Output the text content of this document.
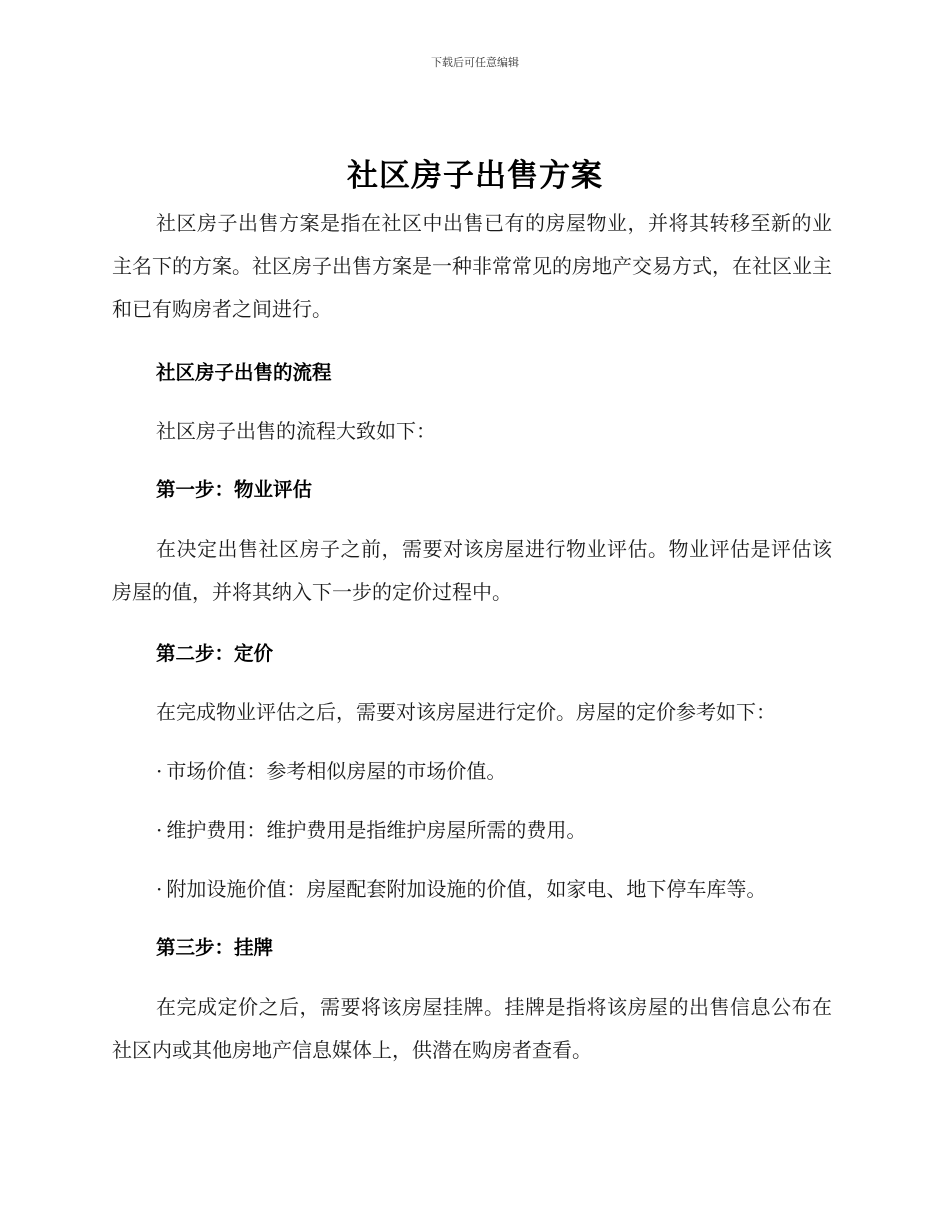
下载后可任意编辑
社区房子出售方案

社区房子出售方案是指在社区中出售已有的房屋物业，并将其转移至新的业主名下的方案。社区房子出售方案是一种非常常见的房地产交易方式，在社区业主和已有购房者之间进行。

社区房子出售的流程

社区房子出售的流程大致如下：

第一步：物业评估

在决定出售社区房子之前，需要对该房屋进行物业评估。物业评估是评估该房屋的值，并将其纳入下一步的定价过程中。

第二步：定价

在完成物业评估之后，需要对该房屋进行定价。房屋的定价参考如下：

· 市场价值：参考相似房屋的市场价值。

· 维护费用：维护费用是指维护房屋所需的费用。

· 附加设施价值：房屋配套附加设施的价值，如家电、地下停车库等。

第三步：挂牌

在完成定价之后，需要将该房屋挂牌。挂牌是指将该房屋的出售信息公布在社区内或其他房地产信息媒体上，供潜在购房者查看。
